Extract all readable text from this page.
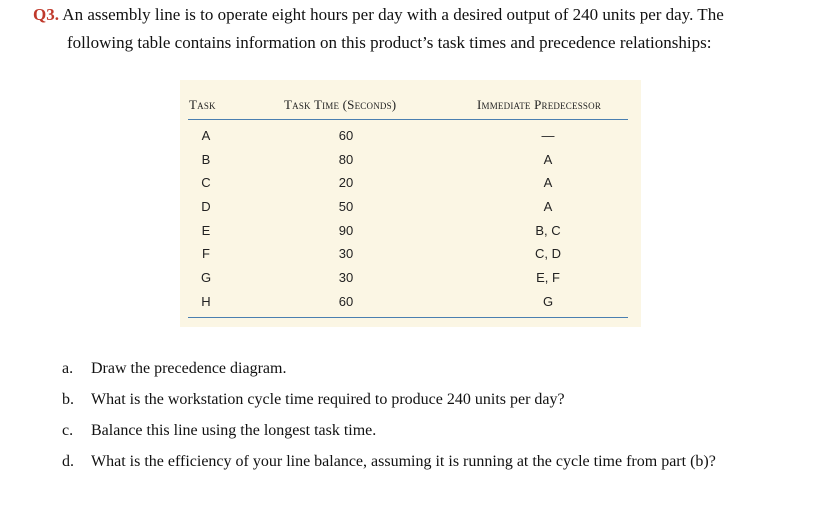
Q3. An assembly line is to operate eight hours per day with a desired output of 240 units per day. The
following table contains information on this product’s task times and precedence relationships:
Task	Task Time (Seconds)	Immediate Predecessor
A	60	—
B	80	A
C	20	A
D	50	A
E	90	B, C
F	30	C, D
G	30	E, F
H	60	G
a. Draw the precedence diagram.
b. What is the workstation cycle time required to produce 240 units per day?
c. Balance this line using the longest task time.
d. What is the efficiency of your line balance, assuming it is running at the cycle time from part (b)?
